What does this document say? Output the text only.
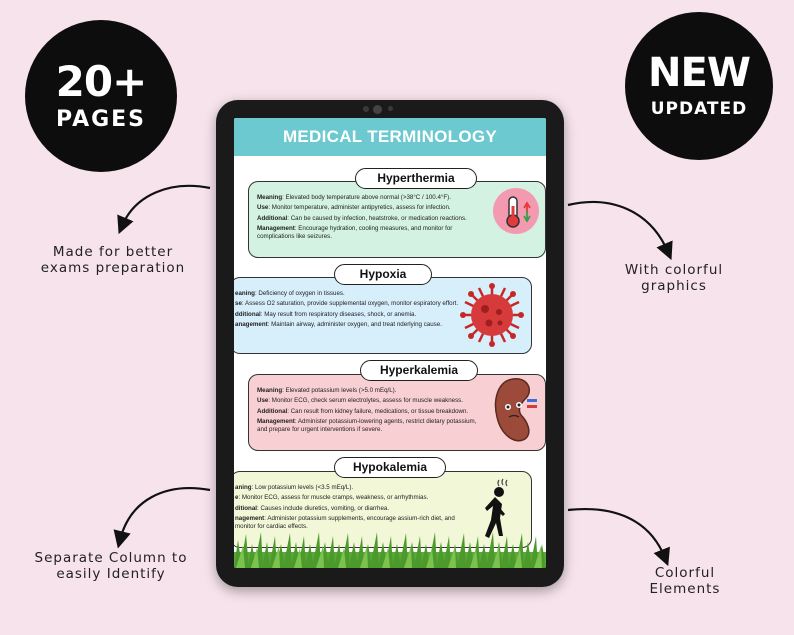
20+
PAGES
NEW
UPDATED
Made for better exams preparation	With colorful graphics
Separate Column to easily Identify	Colorful Elements
MEDICAL TERMINOLOGY

Meaning: Elevated body temperature above normal (>38°C / 100.4°F).

Use: Monitor temperature, administer antipyretics, assess for infection.

Additional: Can be caused by infection, heatstroke, or medication reactions.

Management: Encourage hydration, cooling measures, and monitor for complications like seizures.

Hyperthermia

eaning: Deficiency of oxygen in tissues.

se: Assess O2 saturation, provide supplemental oxygen, monitor espiratory effort.

dditional: May result from respiratory diseases, shock, or anemia.

anagement: Maintain airway, administer oxygen, and treat nderlying cause.

Hypoxia

Meaning: Elevated potassium levels (>5.0 mEq/L).

Use: Monitor ECG, check serum electrolytes, assess for muscle weakness.

Additional: Can result from kidney failure, medications, or tissue breakdown.

Management: Administer potassium-lowering agents, restrict dietary potassium, and prepare for urgent interventions if severe.

Hyperkalemia

aning: Low potassium levels (<3.5 mEq/L).

e: Monitor ECG, assess for muscle cramps, weakness, or arrhythmias.

ditional: Causes include diuretics, vomiting, or diarrhea.

nagement: Administer potassium supplements, encourage assium-rich diet, and monitor for cardiac effects.

Hypokalemia
